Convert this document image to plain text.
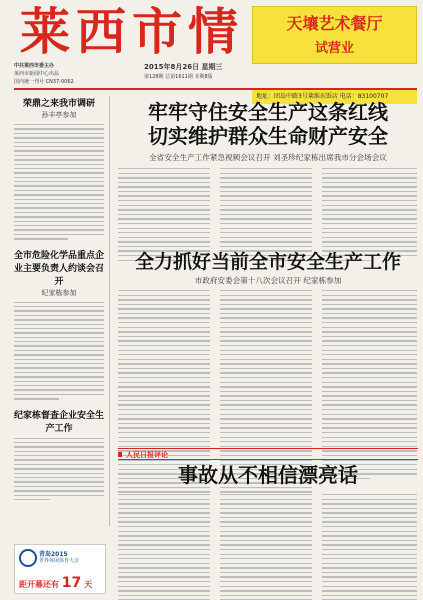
莱西市情	天壤艺术餐厅
试营业
地址：团岛中路3号莱维东饭店 电话：83100707
中共莱西市委主办
莱西市新闻中心出品
国内统一刊号 CN37-0062
2015年8月26日 星期三
第128期 总第1611期 本期8版
荣鼎之来我市调研
孙丰亭参加
全市危险化学品重点企业主要负责人约谈会召开
纪家栋参加
纪家栋督查企业安全生产工作
牢牢守住安全生产这条红线
切实维护群众生命财产安全
全省安全生产工作紧急视频会议召开 刘圣珍纪家栋出席我市分会场会议
全力抓好当前全市安全生产工作
市政府安委会第十八次会议召开 纪家栋参加
人民日报评论
事故从不相信漂亮话
青岛2015
世界休闲体育大会
距开幕还有 17 天
